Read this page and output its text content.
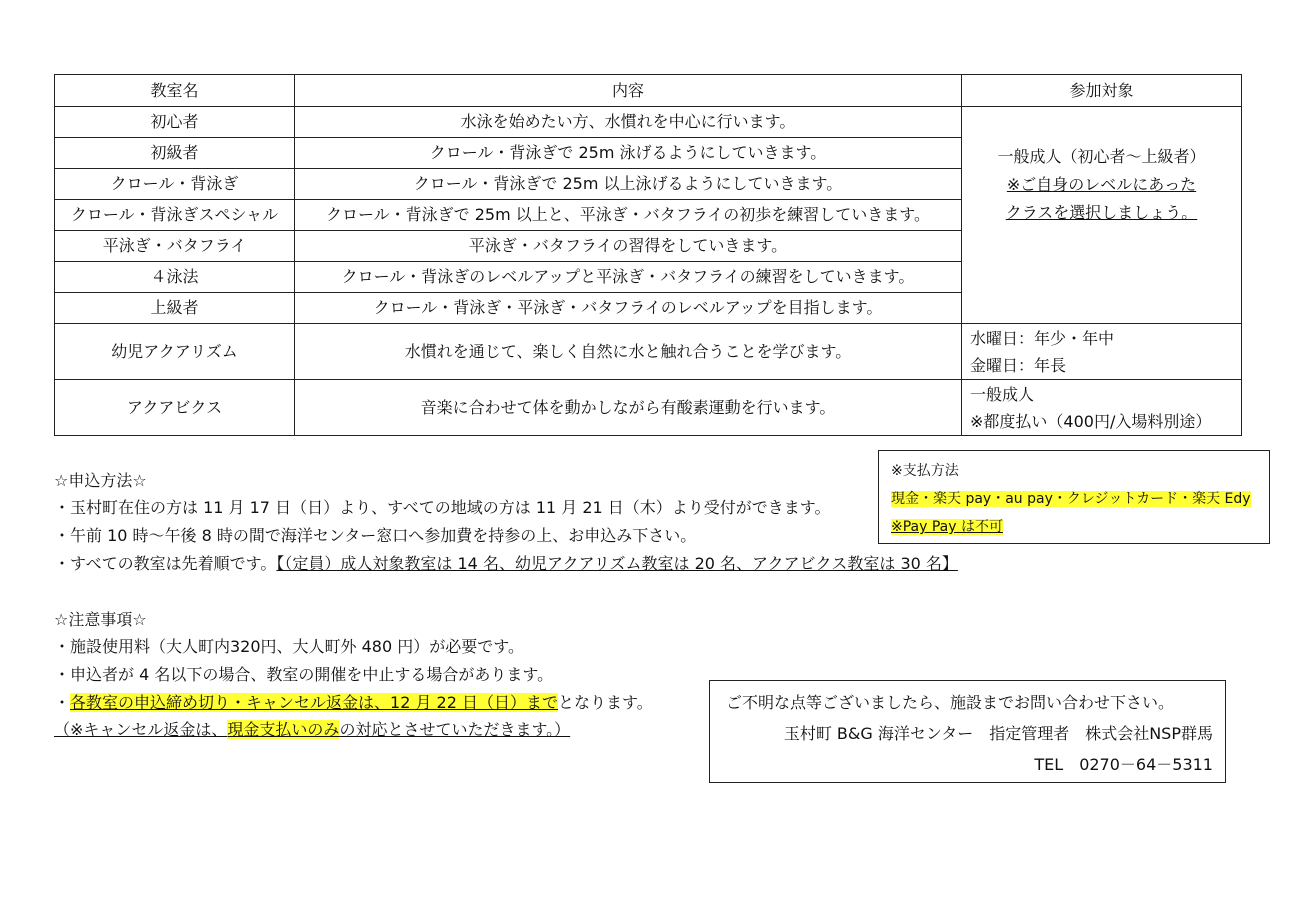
教室名	内容	参加対象
初心者	水泳を始めたい方、水慣れを中心に行います。	一般成人（初心者～上級者）
※ご自身のレベルにあった
クラスを選択しましょう。

初級者	クロール・背泳ぎで 25m 泳げるようにしていきます。	
クロール・背泳ぎ	クロール・背泳ぎで 25m 以上泳げるようにしていきます。	
クロール・背泳ぎスペシャル	クロール・背泳ぎで 25m 以上と、平泳ぎ・バタフライの初歩を練習していきます。	
平泳ぎ・バタフライ	平泳ぎ・バタフライの習得をしていきます。	
４泳法	クロール・背泳ぎのレベルアップと平泳ぎ・バタフライの練習をしていきます。	
上級者	クロール・背泳ぎ・平泳ぎ・バタフライのレベルアップを目指します。	
幼児アクアリズム	水慣れを通じて、楽しく自然に水と触れ合うことを学びます。	水曜日：年少・年中
金曜日：年長

アクアビクス	音楽に合わせて体を動かしながら有酸素運動を行います。	一般成人
※都度払い（400円/入場料別途）
☆申込方法☆
・玉村町在住の方は 11 月 17 日（日）より、すべての地域の方は 11 月 21 日（木）より受付ができます。
・午前 10 時～午後 8 時の間で海洋センター窓口へ参加費を持参の上、お申込み下さい。
・すべての教室は先着順です。【（定員）成人対象教室は 14 名、幼児アクアリズム教室は 20 名、アクアビクス教室は 30 名】
※支払方法
現金・楽天 pay・au pay・クレジットカード・楽天 Edy
※Pay Pay は不可
☆注意事項☆
・施設使用料（大人町内320円、大人町外 480 円）が必要です。
・申込者が 4 名以下の場合、教室の開催を中止する場合があります。
・各教室の申込締め切り・キャンセル返金は、12 月 22 日（日）までとなります。
（※キャンセル返金は、現金支払いのみの対応とさせていただきます。）
ご不明な点等ございましたら、施設までお問い合わせ下さい。
玉村町 B&G 海洋センター　指定管理者　株式会社NSP群馬
TEL　0270－64－5311
